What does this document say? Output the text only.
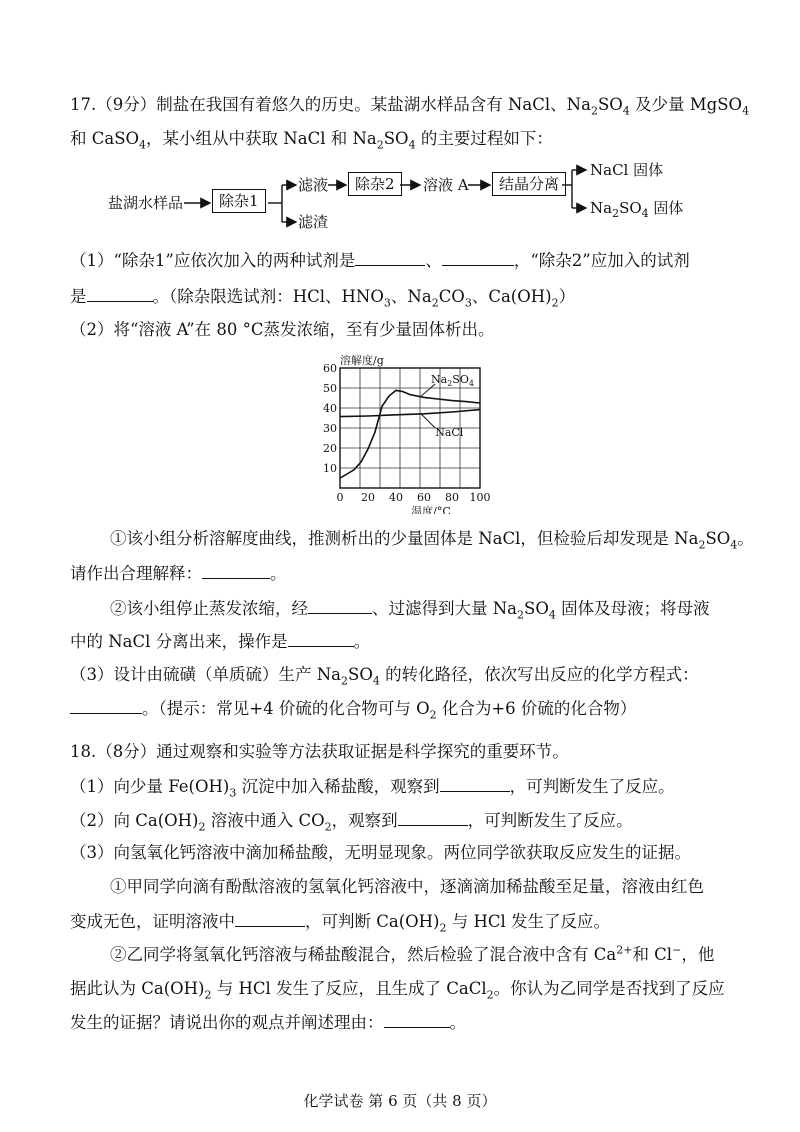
17.（9分）制盐在我国有着悠久的历史。某盐湖水样品含有 NaCl、$Na_2SO_4$ 及少量 MgSO$_4$
和 CaSO$_4$，某小组从中获取 NaCl 和 $Na_2SO_4$ 的主要过程如下：
盐湖水样品	除杂1
滤液
滤渣
除杂2	溶液 A	结晶分离
NaCl 固体
$Na_2SO_4$ 固体
（1）“除杂1”应依次加入的两种试剂是	、	，“除杂2”应加入的试剂
是	。（除杂限选试剂：HCl、$HNO_3$、$Na_2CO_3$、$Ca(OH)_2$）
（2）将“溶液 A”在 80 °C蒸发浓缩，至有少量固体析出。
0 20 40 60 80 100
10
20
30
40
50
60
溶解度/g
温度/°C
$Na_2SO_4$
NaCl
①该小组分析溶解度曲线，推测析出的少量固体是 NaCl，但检验后却发现是 $Na_2SO_4$。
请作出合理解释：	。
②该小组停止蒸发浓缩，经	、过滤得到大量 $Na_2SO_4$ 固体及母液；将母液
中的 NaCl 分离出来，操作是	。
（3）设计由硫磺（单质硫）生产 $Na_2SO_4$ 的转化路径，依次写出反应的化学方程式：
。（提示：常见+4 价硫的化合物可与 $O_2$ 化合为+6 价硫的化合物）
18.（8分）通过观察和实验等方法获取证据是科学探究的重要环节。
（1）向少量 $Fe(OH)_3$ 沉淀中加入稀盐酸，观察到	，可判断发生了反应。
（2）向 $Ca(OH)_2$ 溶液中通入 $CO_2$，观察到	，可判断发生了反应。
（3）向氢氧化钙溶液中滴加稀盐酸，无明显现象。两位同学欲获取反应发生的证据。
①甲同学向滴有酚酞溶液的氢氧化钙溶液中，逐滴滴加稀盐酸至足量，溶液由红色
变成无色，证明溶液中	，可判断 $Ca(OH)_2$ 与 HCl 发生了反应。
②乙同学将氢氧化钙溶液与稀盐酸混合，然后检验了混合液中含有 $Ca^{2+}$和 Cl−，他
据此认为 $Ca(OH)_2$ 与 HCl 发生了反应，且生成了 CaCl$_2$。你认为乙同学是否找到了反应
发生的证据？请说出你的观点并阐述理由：	。
化学试卷 第 6 页（共 8 页）
